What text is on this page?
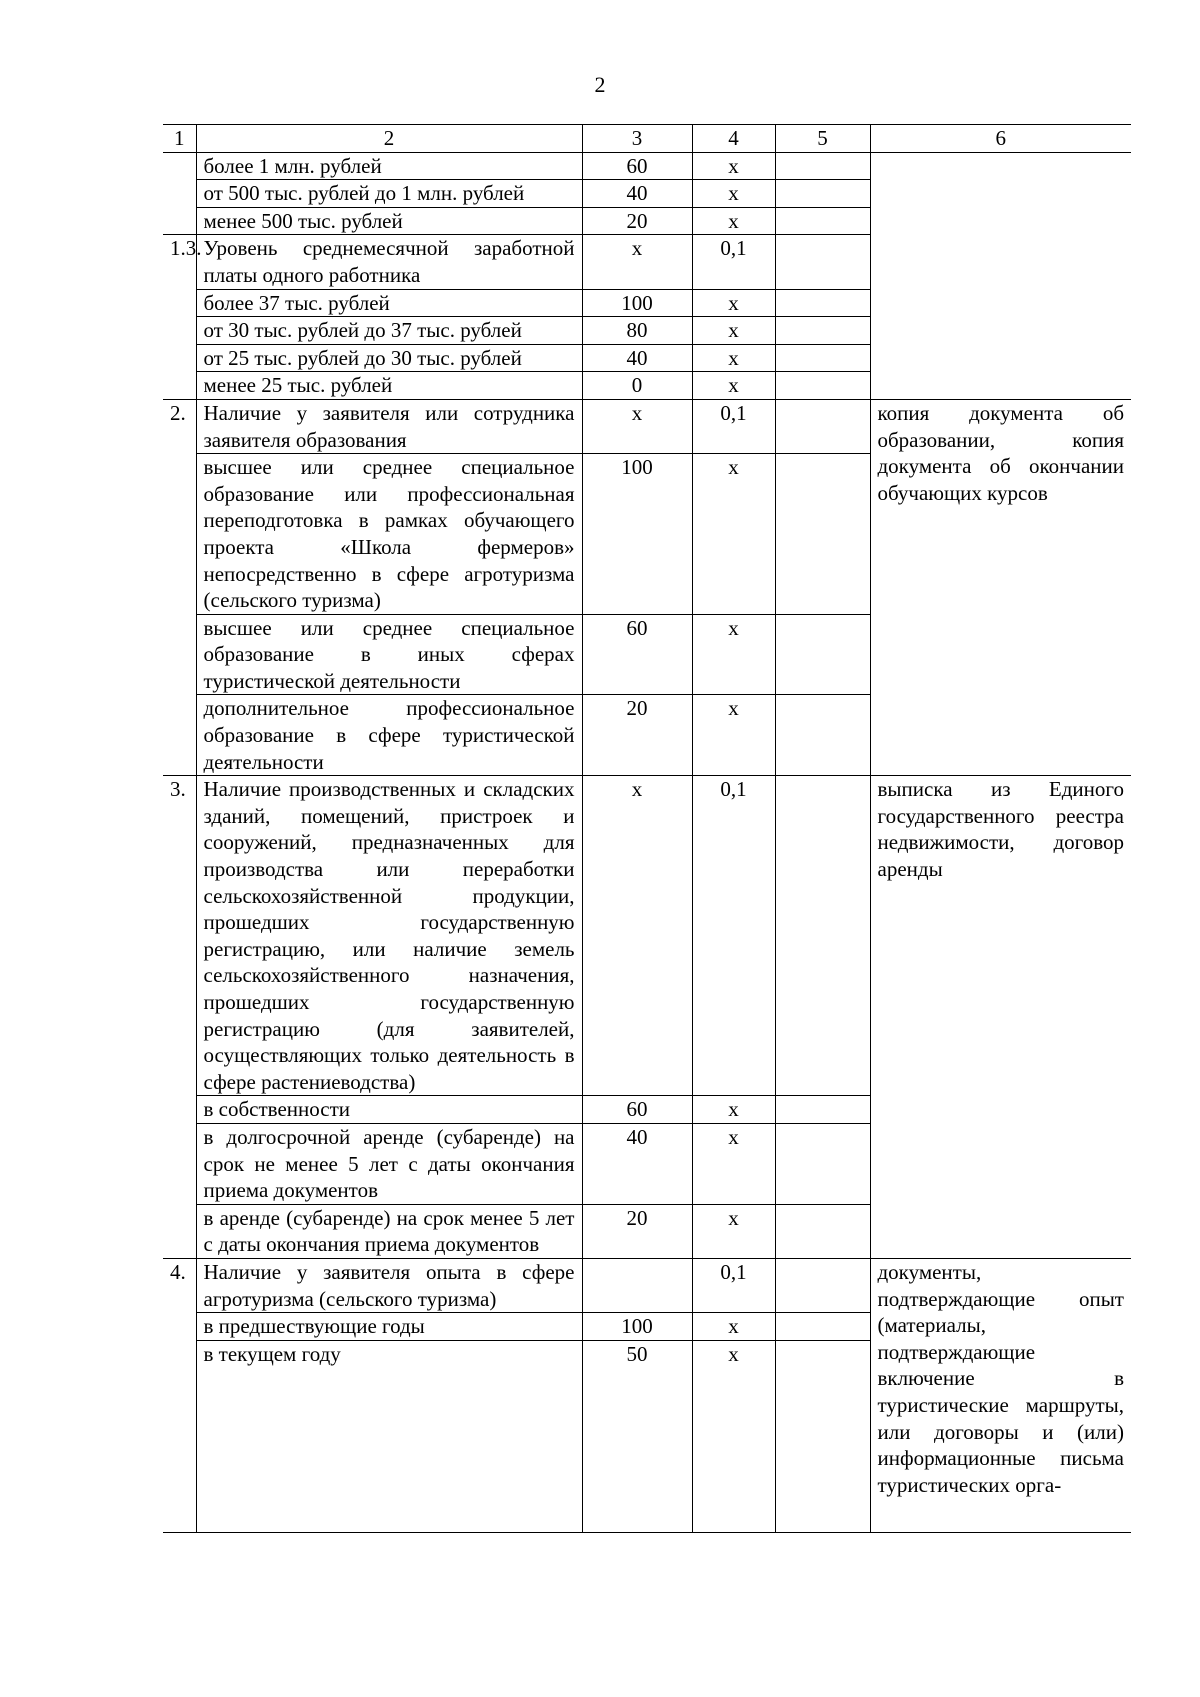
2
1	2	3	4	5	6
	более 1 млн. рублей	60	х		
	от 500 тыс. рублей до 1 млн. рублей	40	х		
	менее 500 тыс. рублей	20	х		
1.3.	Уровень среднемесячной заработной платы одного работника	х	0,1		
	более 37 тыс. рублей	100	х		
	от 30 тыс. рублей до 37 тыс. рублей	80	х		
	от 25 тыс. рублей до 30 тыс. рублей	40	х		
	менее 25 тыс. рублей	0	х		
2.	Наличие у заявителя или сотрудника заявителя образования	х	0,1		копия документа об образовании, копия документа об окончании обучающих курсов
	высшее или среднее специальное образование или профессиональная переподготовка в рамках обучающего проекта «Школа фермеров» непосредственно в сфере агротуризма (сельского туризма)	100	х		
	высшее или среднее специальное образование в иных сферах туристической деятельности	60	х		
	дополнительное профессиональное образование в сфере туристической деятельности	20	х		
3.	Наличие производственных и складских зданий, помещений, пристроек и сооружений, предназначенных для производства или переработки сельскохозяйственной продукции, прошедших государственную регистрацию, или наличие земель сельскохозяйственного назначения, прошедших государственную регистрацию (для заявителей, осуществляющих только деятельность в сфере растениеводства)	х	0,1		выписка из Единого государственного реестра недвижимости, договор аренды
	в собственности	60	х		
	в долгосрочной аренде (субаренде) на срок не менее 5 лет с даты окончания приема документов	40	х		
	в аренде (субаренде) на срок менее 5 лет с даты окончания приема документов	20	х		
4.	Наличие у заявителя опыта в сфере агротуризма (сельского туризма)		0,1		документы, подтверждающие опыт (материалы, подтверждающие включение в туристические маршруты, или договоры и (или) информационные письма туристических орга-
	в предшествующие годы	100	х		
	в текущем году	50	х		
